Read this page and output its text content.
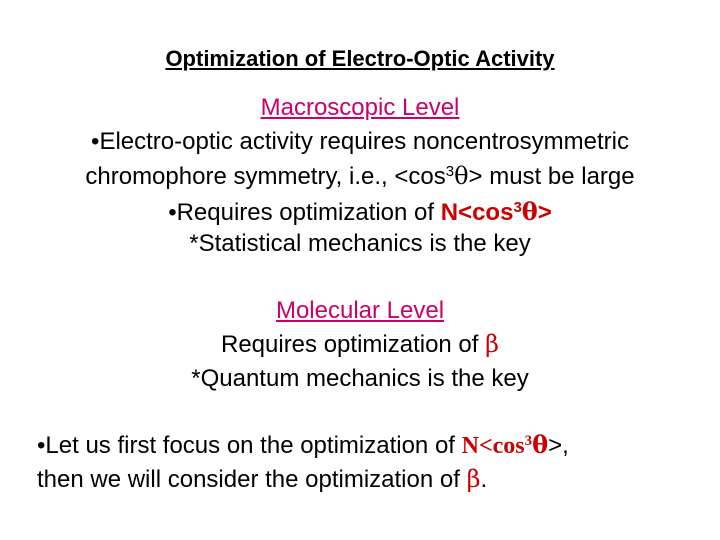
Optimization of Electro-Optic Activity
Macroscopic Level
•Electro-optic activity requires noncentrosymmetric
chromophore symmetry, i.e., $<\cos^3\theta>$ must be large
•Requires optimization of $N<\cos^3\theta>$
*Statistical mechanics is the key
Molecular Level
Requires optimization of β
*Quantum mechanics is the key
•Let us first focus on the optimization of $N<\cos^3\theta>$,
then we will consider the optimization of β.
